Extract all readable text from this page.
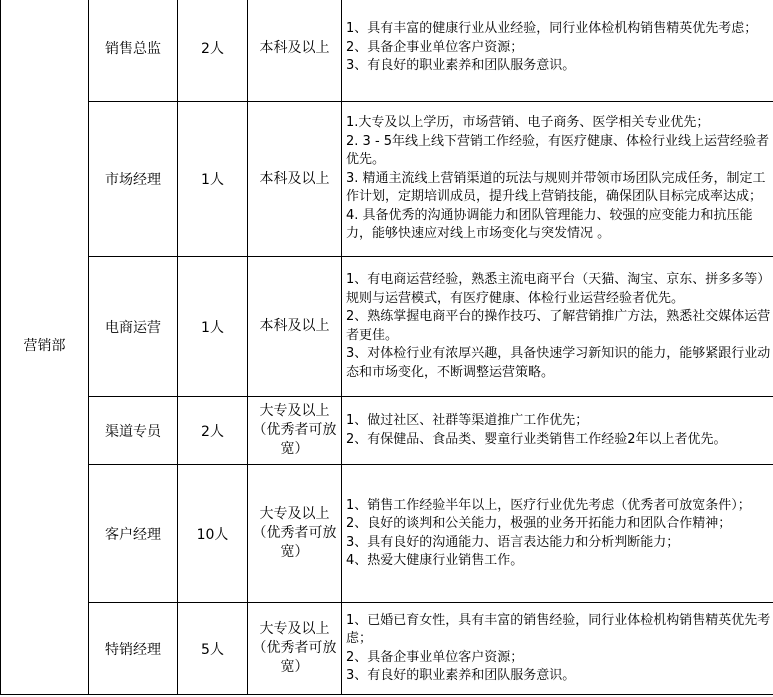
营销部	销售总监	2人	本科及以上	1、具有丰富的健康行业从业经验，同行业体检机构销售精英优先考虑；
2、具备企事业单位客户资源；
3、有良好的职业素养和团队服务意识。

	市场经理	1人	本科及以上	1.大专及以上学历，市场营销、电子商务、医学相关专业优先；
2. 3 - 5年线上线下营销工作经验，有医疗健康、体检行业线上运营经验者优先。
3. 精通主流线上营销渠道的玩法与规则并带领市场团队完成任务，制定工作计划，定期培训成员，提升线上营销技能，确保团队目标完成率达成；
4. 具备优秀的沟通协调能力和团队管理能力、较强的应变能力和抗压能力，能够快速应对线上市场变化与突发情况 。

	电商运营	1人	本科及以上	1、有电商运营经验，熟悉主流电商平台（天猫、淘宝、京东、拼多多等）规则与运营模式，有医疗健康、体检行业运营经验者优先。
2、熟练掌握电商平台的操作技巧、了解营销推广方法，熟悉社交媒体运营者更佳。
3、对体检行业有浓厚兴趣，具备快速学习新知识的能力，能够紧跟行业动态和市场变化，不断调整运营策略。

	渠道专员	2人	大专及以上
（优秀者可放
宽）	1、做过社区、社群等渠道推广工作优先；
2、有保健品、食品类、婴童行业类销售工作经验2年以上者优先。

	客户经理	10人	大专及以上
（优秀者可放
宽）	1、销售工作经验半年以上，医疗行业优先考虑（优秀者可放宽条件）；
2、良好的谈判和公关能力，极强的业务开拓能力和团队合作精神；
3、具有良好的沟通能力、语言表达能力和分析判断能力；
4、热爱大健康行业销售工作。

	特销经理	5人	大专及以上
（优秀者可放
宽）	1、已婚已育女性，具有丰富的销售经验，同行业体检机构销售精英优先考虑；
2、具备企事业单位客户资源；
3、有良好的职业素养和团队服务意识。
